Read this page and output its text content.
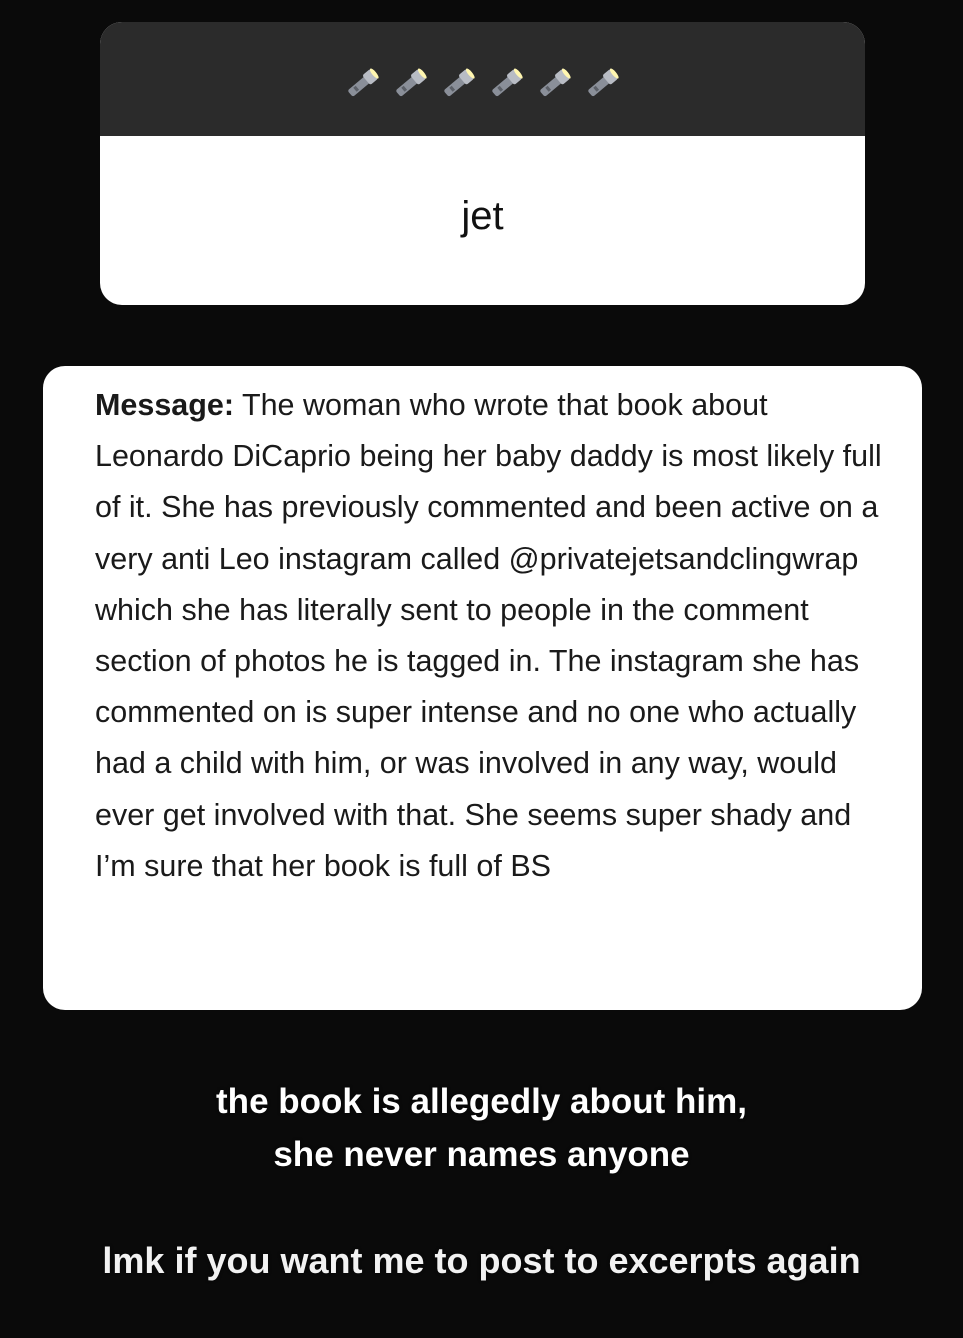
jet

Message: The woman who wrote that book about Leonardo DiCaprio being her baby daddy is most likely full of it. She has previously commented and been active on a very anti Leo instagram called @privatejetsandclingwrap which she has literally sent to people in the comment section of photos he is tagged in. The instagram she has commented on is super intense and no one who actually had a child with him, or was involved in any way, would ever get involved with that. She seems super shady and I’m sure that her book is full of BS

the book is allegedly about him,
she never names anyone
lmk if you want me to post to excerpts again
